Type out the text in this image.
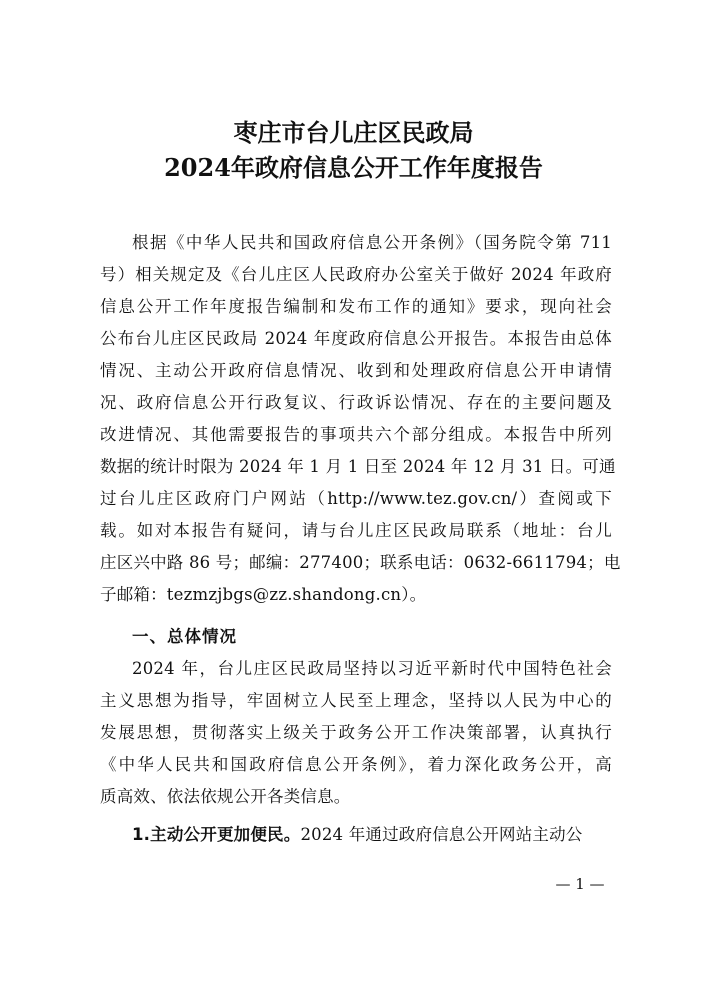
枣庄市台儿庄区民政局
2024年政府信息公开工作年度报告
根据《中华人民共和国政府信息公开条例》（国务院令第 711
号）相关规定及《台儿庄区人民政府办公室关于做好 2024 年政府
信息公开工作年度报告编制和发布工作的通知》要求，现向社会
公布台儿庄区民政局 2024 年度政府信息公开报告。本报告由总体
情况、主动公开政府信息情况、收到和处理政府信息公开申请情
况、政府信息公开行政复议、行政诉讼情况、存在的主要问题及
改进情况、其他需要报告的事项共六个部分组成。本报告中所列
数据的统计时限为 2024 年 1 月 1 日至 2024 年 12 月 31 日。可通
过台儿庄区政府门户网站（http://www.tez.gov.cn/）查阅或下
载。如对本报告有疑问，请与台儿庄区民政局联系（地址：台儿
庄区兴中路 86 号；邮编：277400；联系电话：0632-6611794；电
子邮箱：tezmzjbgs@zz.shandong.cn）。
一、总体情况
2024 年，台儿庄区民政局坚持以习近平新时代中国特色社会
主义思想为指导，牢固树立人民至上理念，坚持以人民为中心的
发展思想，贯彻落实上级关于政务公开工作决策部署，认真执行
《中华人民共和国政府信息公开条例》，着力深化政务公开，高
质高效、依法依规公开各类信息。
1.主动公开更加便民。2024 年通过政府信息公开网站主动公
— 1 —
